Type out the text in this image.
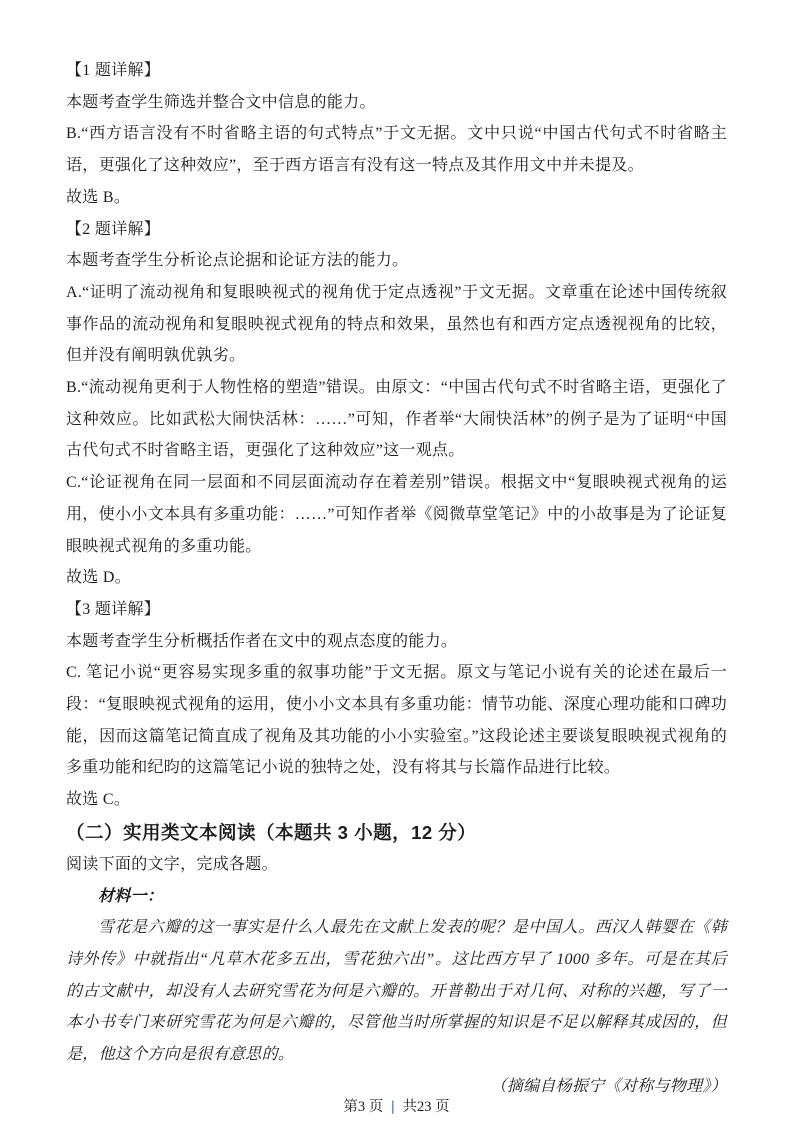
【1 题详解】

本题考查学生筛选并整合文中信息的能力。

B.“西方语言没有不时省略主语的句式特点”于文无据。文中只说“中国古代句式不时省略主语，更强化了这种效应”，至于西方语言有没有这一特点及其作用文中并未提及。

故选 B。

【2 题详解】

本题考查学生分析论点论据和论证方法的能力。

A.“证明了流动视角和复眼映视式的视角优于定点透视”于文无据。文章重在论述中国传统叙事作品的流动视角和复眼映视式视角的特点和效果，虽然也有和西方定点透视视角的比较，但并没有阐明孰优孰劣。

B.“流动视角更利于人物性格的塑造”错误。由原文：“中国古代句式不时省略主语，更强化了这种效应。比如武松大闹快活林：……”可知，作者举“大闹快活林”的例子是为了证明“中国古代句式不时省略主语，更强化了这种效应”这一观点。

C.“论证视角在同一层面和不同层面流动存在着差别”错误。根据文中“复眼映视式视角的运用，使小小文本具有多重功能：……”可知作者举《阅微草堂笔记》中的小故事是为了论证复眼映视式视角的多重功能。

故选 D。

【3 题详解】

本题考查学生分析概括作者在文中的观点态度的能力。

C. 笔记小说“更容易实现多重的叙事功能”于文无据。原文与笔记小说有关的论述在最后一段：“复眼映视式视角的运用，使小小文本具有多重功能：情节功能、深度心理功能和口碑功能，因而这篇笔记简直成了视角及其功能的小小实验室。”这段论述主要谈复眼映视式视角的多重功能和纪昀的这篇笔记小说的独特之处，没有将其与长篇作品进行比较。

故选 C。

（二）实用类文本阅读（本题共 3 小题，12 分）

阅读下面的文字，完成各题。

材料一：

雪花是六瓣的这一事实是什么人最先在文献上发表的呢？是中国人。西汉人韩婴在《韩诗外传》中就指出“凡草木花多五出，雪花独六出”。这比西方早了 1000 多年。可是在其后的古文献中，却没有人去研究雪花为何是六瓣的。开普勒出于对几何、对称的兴趣，写了一本小书专门来研究雪花为何是六瓣的，尽管他当时所掌握的知识是不足以解释其成因的，但是，他这个方向是很有意思的。

（摘编自杨振宁《对称与物理》）

第3 页 | 共23 页
